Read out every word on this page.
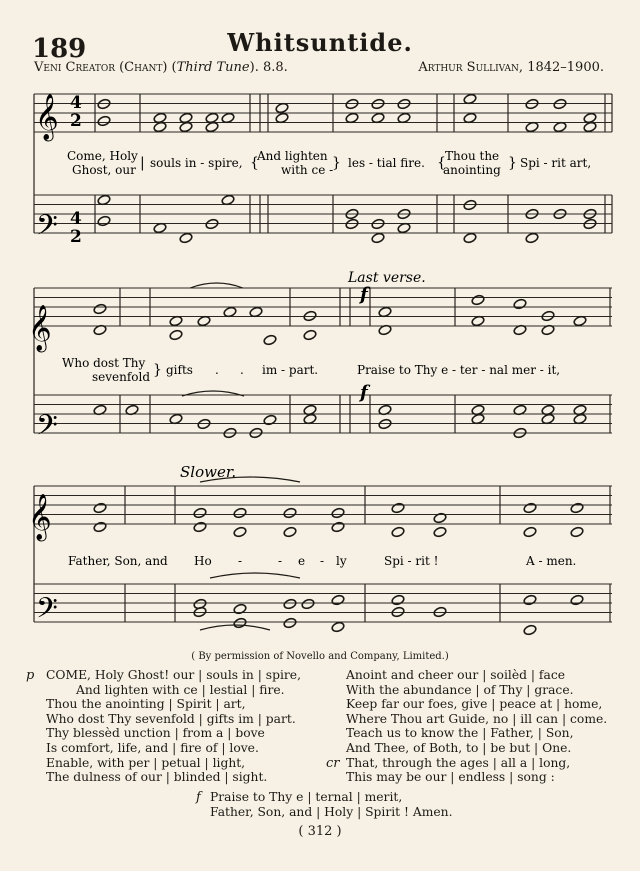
189	Whitsuntide.
Veni Creator (Chant) (Third Tune). 8.8.	Arthur Sullivan, 1842–1900.
𝄞
𝄢
𝄞
𝄢
𝄞
𝄢
4
2
4
2
Last verse.
Slower.
f
f
Come, Holy
Ghost, our souls in - spire, And lighten
with ce - les - tial fire. Thou the
anointing Spi - rit art,
|	{	}	{	}
Who dost Thy
sevenfold gifts . . im - part.	Praise to Thy e - ter - nal mer - it,
}
Father, Son, and Ho -	- e - ly	Spi - rit !	A - men.
( By permission of Novello and Company, Limited.)
p COME, Holy Ghost! our | souls in | spire,
And lighten with ce | lestial | fire.
Thou the anointing | Spirit | art,
Who dost Thy sevenfold | gifts im | part.
Thy blessèd unction | from a | bove
Is comfort, life, and | fire of | love.
Enable, with per | petual | light,
The dulness of our | blinded | sight.
cr
Anoint and cheer our | soilèd | face
With the abundance | of Thy | grace.
Keep far our foes, give | peace at | home,
Where Thou art Guide, no | ill can | come.
Teach us to know the | Father, | Son,
And Thee, of Both, to | be but | One.
That, through the ages | all a | long,
This may be our | endless | song :
f Praise to Thy e | ternal | merit,
Father, Son, and | Holy | Spirit ! Amen.
( 312 )
